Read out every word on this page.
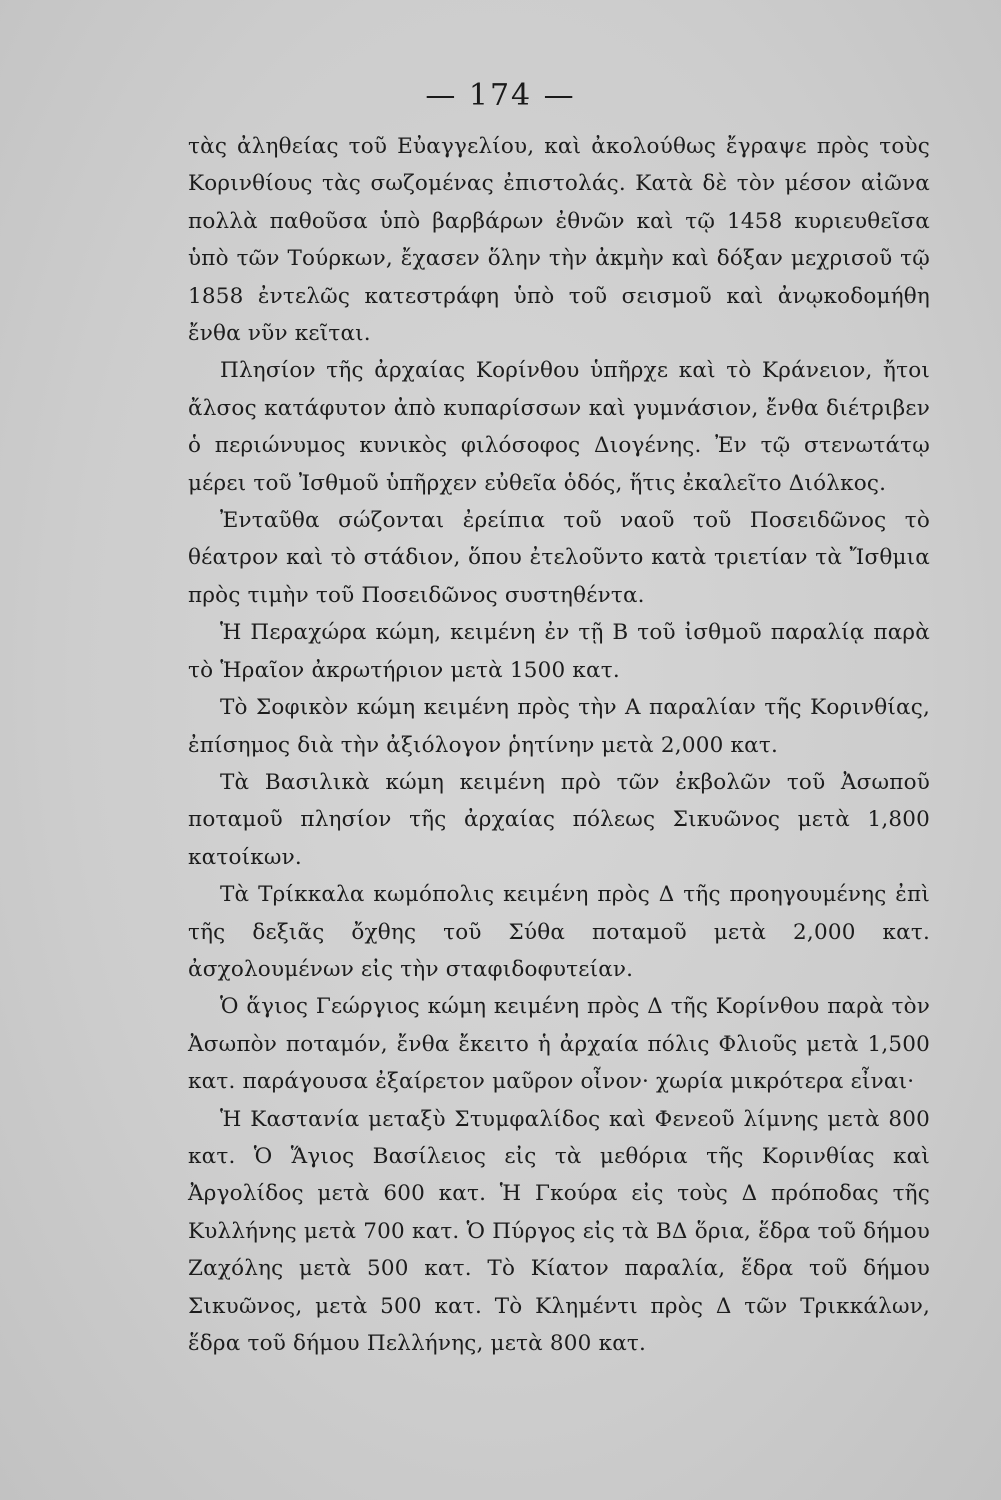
— 174 —

τὰς ἀληθείας τοῦ Εὐαγγελίου, καὶ ἀκολούθως ἔγραψε πρὸς τοὺς Κορινθίους τὰς σωζομένας ἐπιστολάς. Κατὰ δὲ τὸν μέσον αἰῶνα πολλὰ παθοῦσα ὑπὸ βαρβάρων ἐθνῶν καὶ τῷ 1458 κυριευθεῖσα ὑπὸ τῶν Τούρκων, ἔχασεν ὅλην τὴν ἀκμὴν καὶ δόξαν μεχρισοῦ τῷ 1858 ἐντελῶς κατεστράφη ὑπὸ τοῦ σεισμοῦ καὶ ἀνῳκοδομήθη ἔνθα νῦν κεῖται.

Πλησίον τῆς ἀρχαίας Κορίνθου ὑπῆρχε καὶ τὸ Κράνειον, ἤτοι ἄλσος κατάφυτον ἀπὸ κυπαρίσσων καὶ γυμνάσιον, ἔνθα διέτριβεν ὁ περιώνυμος κυνικὸς φιλόσοφος Διογένης. Ἐν τῷ στενωτάτῳ μέρει τοῦ Ἰσθμοῦ ὑπῆρχεν εὐθεῖα ὁδός, ἥτις ἐκαλεῖτο Διόλκος.

Ἐνταῦθα σώζονται ἐρείπια τοῦ ναοῦ τοῦ Ποσειδῶνος τὸ θέατρον καὶ τὸ στάδιον, ὅπου ἐτελοῦντο κατὰ τριετίαν τὰ Ἴσθμια πρὸς τιμὴν τοῦ Ποσειδῶνος συστηθέντα.

Ἡ Περαχώρα κώμη, κειμένη ἐν τῇ Β τοῦ ἰσθμοῦ παραλίᾳ παρὰ τὸ Ἡραῖον ἀκρωτήριον μετὰ 1500 κατ.

Τὸ Σοφικὸν κώμη κειμένη πρὸς τὴν Α παραλίαν τῆς Κορινθίας, ἐπίσημος διὰ τὴν ἀξιόλογον ῥητίνην μετὰ 2,000 κατ.

Τὰ Βασιλικὰ κώμη κειμένη πρὸ τῶν ἐκβολῶν τοῦ Ἀσωποῦ ποταμοῦ πλησίον τῆς ἀρχαίας πόλεως Σικυῶνος μετὰ 1,800 κατοίκων.

Τὰ Τρίκκαλα κωμόπολις κειμένη πρὸς Δ τῆς προηγουμένης ἐπὶ τῆς δεξιᾶς ὄχθης τοῦ Σύθα ποταμοῦ μετὰ 2,000 κατ. ἀσχολουμένων εἰς τὴν σταφιδοφυτείαν.

Ὁ ἅγιος Γεώργιος κώμη κειμένη πρὸς Δ τῆς Κορίνθου παρὰ τὸν Ἀσωπὸν ποταμόν, ἔνθα ἔκειτο ἡ ἀρχαία πόλις Φλιοῦς μετὰ 1,500 κατ. παράγουσα ἐξαίρετον μαῦρον οἶνον· χωρία μικρότερα εἶναι·

Ἡ Καστανία μεταξὺ Στυμφαλίδος καὶ Φενεοῦ λίμνης μετὰ 800 κατ. Ὁ Ἅγιος Βασίλειος εἰς τὰ μεθόρια τῆς Κορινθίας καὶ Ἀργολίδος μετὰ 600 κατ. Ἡ Γκούρα εἰς τοὺς Δ πρόποδας τῆς Κυλλήνης μετὰ 700 κατ. Ὁ Πύργος εἰς τὰ ΒΔ ὅρια, ἕδρα τοῦ δήμου Ζαχόλης μετὰ 500 κατ. Τὸ Κίατον παραλία, ἕδρα τοῦ δήμου Σικυῶνος, μετὰ 500 κατ. Τὸ Κλημέντι πρὸς Δ τῶν Τρικκάλων, ἕδρα τοῦ δήμου Πελλήνης, μετὰ 800 κατ.
